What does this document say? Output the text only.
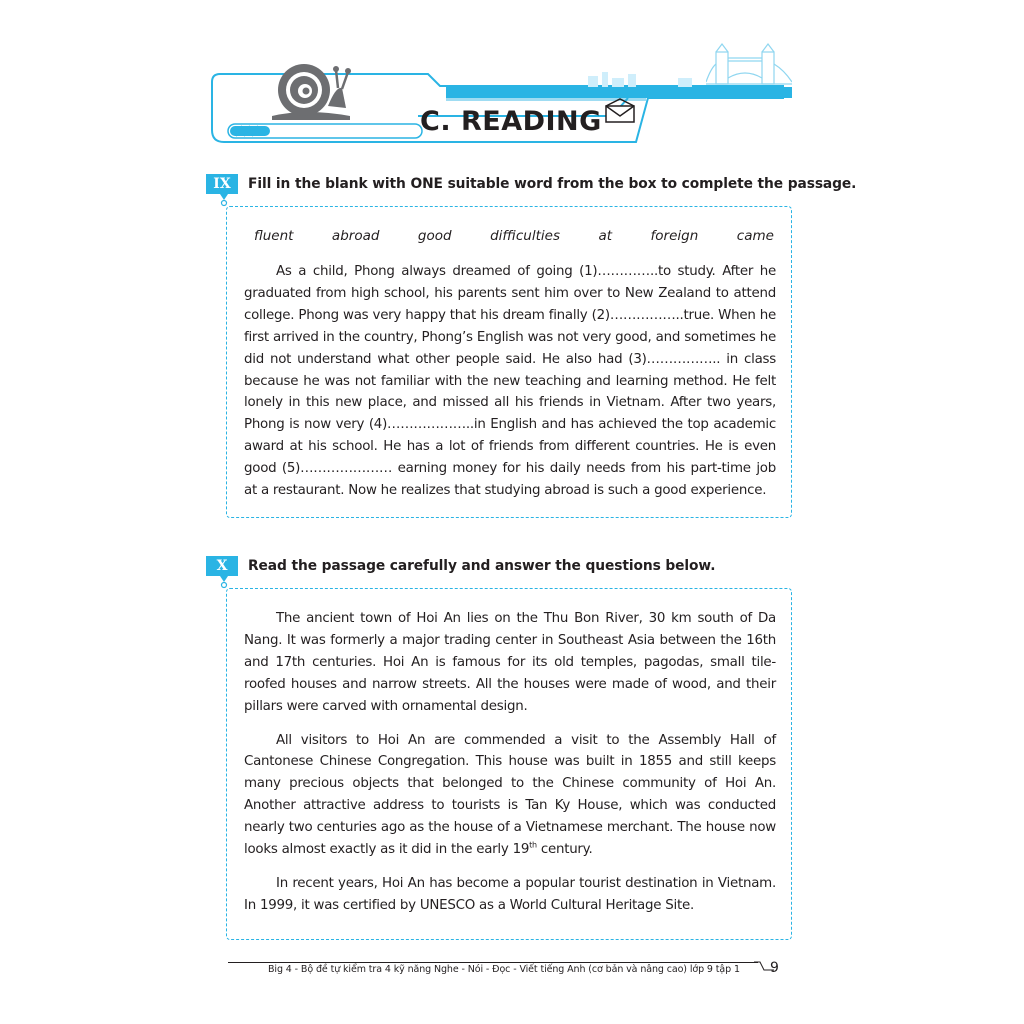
C. READING
IX	Fill in the blank with ONE suitable word from the box to complete the passage.
fluent	abroad	good	difficulties	at	foreign	came

As a child, Phong always dreamed of going (1)…………..to study. After he graduated from high school, his parents sent him over to New Zealand to attend college. Phong was very happy that his dream finally (2)……………..true. When he first arrived in the country, Phong’s English was not very good, and sometimes he did not understand what other people said. He also had (3)…………….. in class because he was not familiar with the new teaching and learning method. He felt lonely in this new place, and missed all his friends in Vietnam. After two years, Phong is now very (4)………………..in English and has achieved the top academic award at his school. He has a lot of friends from different countries. He is even good (5)………………… earning money for his daily needs from his part-time job at a restaurant. Now he realizes that studying abroad is such a good experience.

X	Read the passage carefully and answer the questions below.

The ancient town of Hoi An lies on the Thu Bon River, 30 km south of Da Nang. It was formerly a major trading center in Southeast Asia between the 16th and 17th centuries. Hoi An is famous for its old temples, pagodas, small tile-roofed houses and narrow streets. All the houses were made of wood, and their pillars were carved with ornamental design.

All visitors to Hoi An are commended a visit to the Assembly Hall of Cantonese Chinese Congregation. This house was built in 1855 and still keeps many precious objects that belonged to the Chinese community of Hoi An. Another attractive address to tourists is Tan Ky House, which was conducted nearly two centuries ago as the house of a Vietnamese merchant. The house now looks almost exactly as it did in the early 19th century.

In recent years, Hoi An has become a popular tourist destination in Vietnam. In 1999, it was certified by UNESCO as a World Cultural Heritage Site.

Big 4 - Bộ đề tự kiểm tra 4 kỹ năng Nghe - Nói - Đọc - Viết tiếng Anh (cơ bản và nâng cao) lớp 9 tập 1	9
